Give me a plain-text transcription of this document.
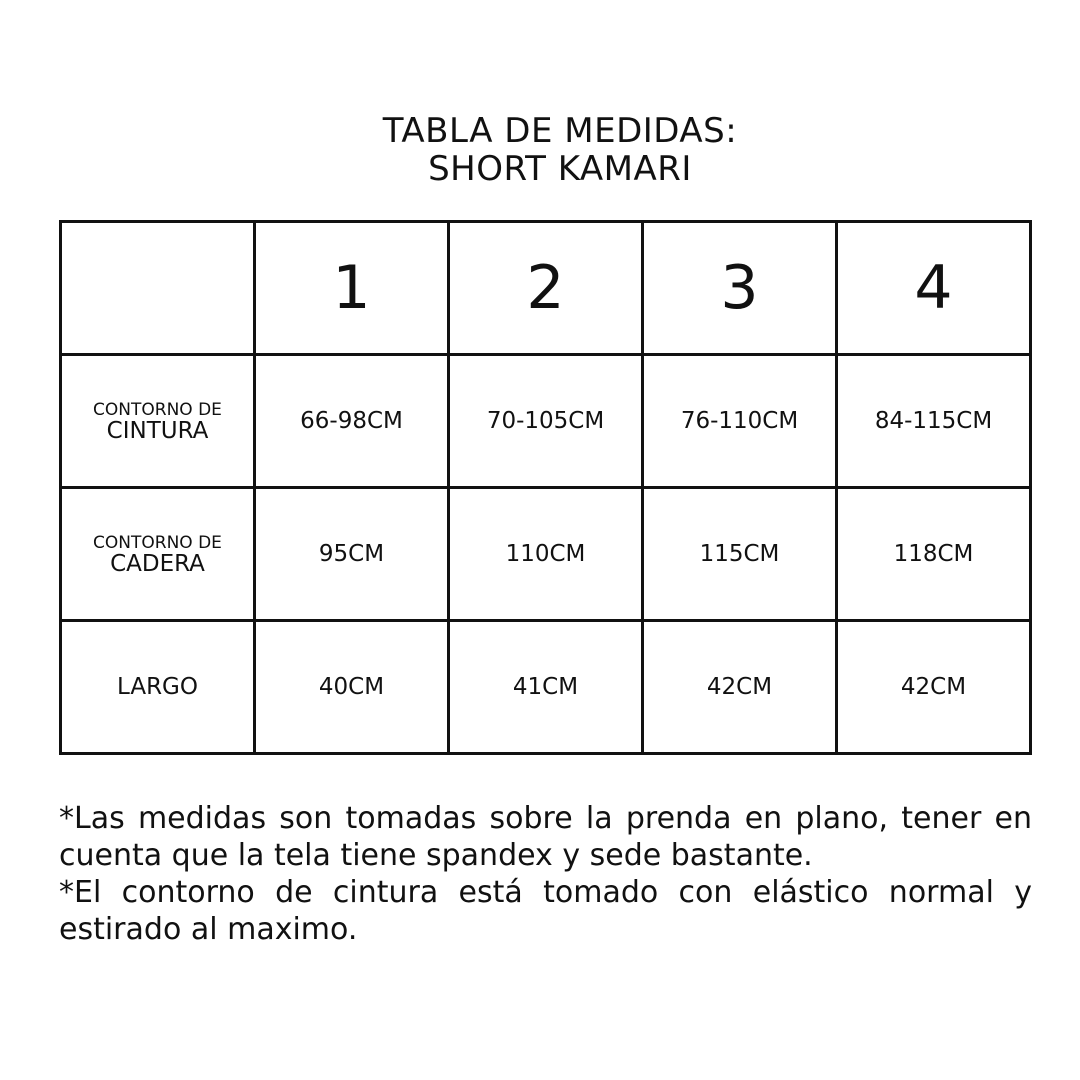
TABLA DE MEDIDAS:
SHORT KAMARI
	1	2	3	4

CONTORNO DE
CINTURA	66-98CM	70-105CM	76-110CM	84-115CM

CONTORNO DE
CADERA	95CM	110CM	115CM	118CM
LARGO	40CM	41CM	42CM	42CM

*Las medidas son tomadas sobre la prenda en plano, tener en cuenta que la tela tiene spandex y sede bastante.

*El contorno de cintura está tomado con elástico normal y estirado al maximo.
